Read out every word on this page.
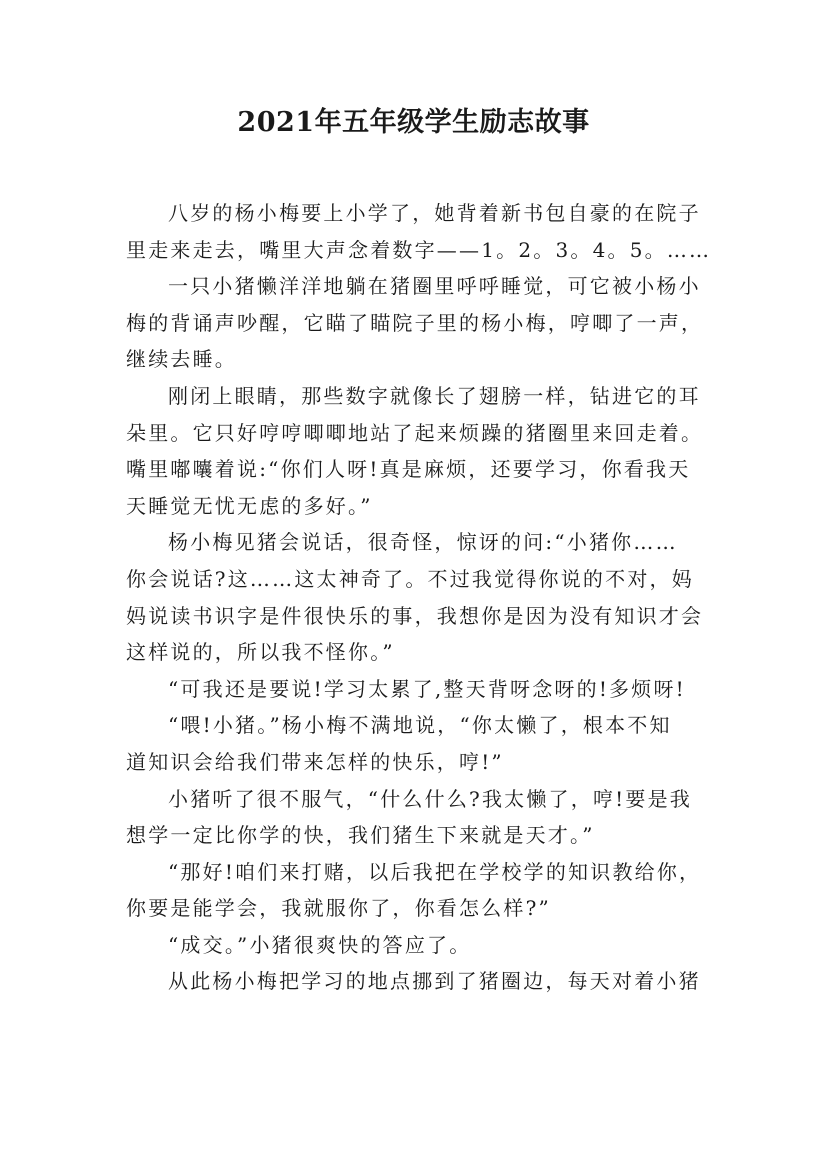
2021年五年级学生励志故事
八岁的杨小梅要上小学了，她背着新书包自豪的在院子
里走来走去，嘴里大声念着数字——1。2。3。4。5。……
一只小猪懒洋洋地躺在猪圈里呼呼睡觉，可它被小杨小
梅的背诵声吵醒，它瞄了瞄院子里的杨小梅，哼唧了一声，
继续去睡。
刚闭上眼睛，那些数字就像长了翅膀一样，钻进它的耳
朵里。它只好哼哼唧唧地站了起来烦躁的猪圈里来回走着。
嘴里嘟囔着说:“你们人呀!真是麻烦，还要学习，你看我天
天睡觉无忧无虑的多好。”
杨小梅见猪会说话，很奇怪，惊讶的问:“小猪你……
你会说话?这……这太神奇了。不过我觉得你说的不对，妈
妈说读书识字是件很快乐的事，我想你是因为没有知识才会
这样说的，所以我不怪你。”
“可我还是要说!学习太累了,整天背呀念呀的!多烦呀!
“喂!小猪。”杨小梅不满地说，“你太懒了，根本不知
道知识会给我们带来怎样的快乐，哼!”
小猪听了很不服气，“什么什么?我太懒了，哼!要是我
想学一定比你学的快，我们猪生下来就是天才。”
“那好!咱们来打赌，以后我把在学校学的知识教给你，
你要是能学会，我就服你了，你看怎么样?”
“成交。”小猪很爽快的答应了。
从此杨小梅把学习的地点挪到了猪圈边，每天对着小猪
